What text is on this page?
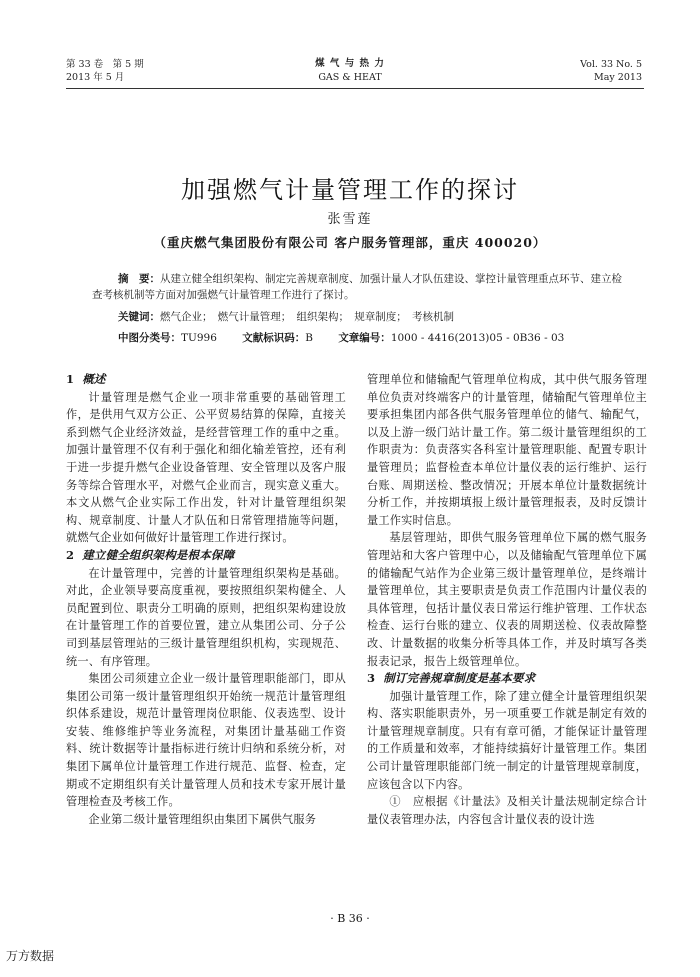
第 33 卷　第 5 期
2013 年 5 月
煤 气 与 热 力
GAS & HEAT
Vol. 33 No. 5
May 2013
加强燃气计量管理工作的探讨
张雪莲
（重庆燃气集团股份有限公司 客户服务管理部，重庆 400020）
摘　要：从建立健全组织架构、制定完善规章制度、加强计量人才队伍建设、掌控计量管理重点环节、建立检查考核机制等方面对加强燃气计量管理工作进行了探讨。
关键词：燃气企业；　燃气计量管理；　组织架构；　规章制度；　考核机制
中图分类号：TU996 文献标识码：B 文章编号：1000 - 4416(2013)05 - 0B36 - 03
1 概述

计量管理是燃气企业一项非常重要的基础管理工作，是供用气双方公正、公平贸易结算的保障，直接关系到燃气企业经济效益，是经营管理工作的重中之重。加强计量管理不仅有利于强化和细化输差管控，还有利于进一步提升燃气企业设备管理、安全管理以及客户服务等综合管理水平，对燃气企业而言，现实意义重大。本文从燃气企业实际工作出发，针对计量管理组织架构、规章制度、计量人才队伍和日常管理措施等问题，就燃气企业如何做好计量管理工作进行探讨。

2 建立健全组织架构是根本保障

在计量管理中，完善的计量管理组织架构是基础。对此，企业领导要高度重视，要按照组织架构健全、人员配置到位、职责分工明确的原则，把组织架构建设放在计量管理工作的首要位置，建立从集团公司、分子公司到基层管理站的三级计量管理组织机构，实现规范、统一、有序管理。

集团公司须建立企业一级计量管理职能部门，即从集团公司第一级计量管理组织开始统一规范计量管理组织体系建设，规范计量管理岗位职能、仪表选型、设计安装、维修维护等业务流程，对集团计量基础工作资料、统计数据等计量指标进行统计归纳和系统分析，对集团下属单位计量管理工作进行规范、监督、检查，定期或不定期组织有关计量管理人员和技术专家开展计量管理检查及考核工作。

企业第二级计量管理组织由集团下属供气服务

管理单位和储输配气管理单位构成，其中供气服务管理单位负责对终端客户的计量管理，储输配气管理单位主要承担集团内部各供气服务管理单位的储气、输配气，以及上游一级门站计量工作。第二级计量管理组织的工作职责为：负责落实各科室计量管理职能、配置专职计量管理员；监督检查本单位计量仪表的运行维护、运行台账、周期送检、整改情况；开展本单位计量数据统计分析工作，并按期填报上级计量管理报表，及时反馈计量工作实时信息。

基层管理站，即供气服务管理单位下属的燃气服务管理站和大客户管理中心，以及储输配气管理单位下属的储输配气站作为企业第三级计量管理单位，是终端计量管理单位，其主要职责是负责工作范围内计量仪表的具体管理，包括计量仪表日常运行维护管理、工作状态检查、运行台账的建立、仪表的周期送检、仪表故障整改、计量数据的收集分析等具体工作，并及时填写各类报表记录，报告上级管理单位。

3 制订完善规章制度是基本要求

加强计量管理工作，除了建立健全计量管理组织架构、落实职能职责外，另一项重要工作就是制定有效的计量管理规章制度。只有有章可循，才能保证计量管理的工作质量和效率，才能持续搞好计量管理工作。集团公司计量管理职能部门统一制定的计量管理规章制度，应该包含以下内容。

①　应根据《计量法》及相关计量法规制定综合计量仪表管理办法，内容包含计量仪表的设计选

· B 36 ·
万方数据
